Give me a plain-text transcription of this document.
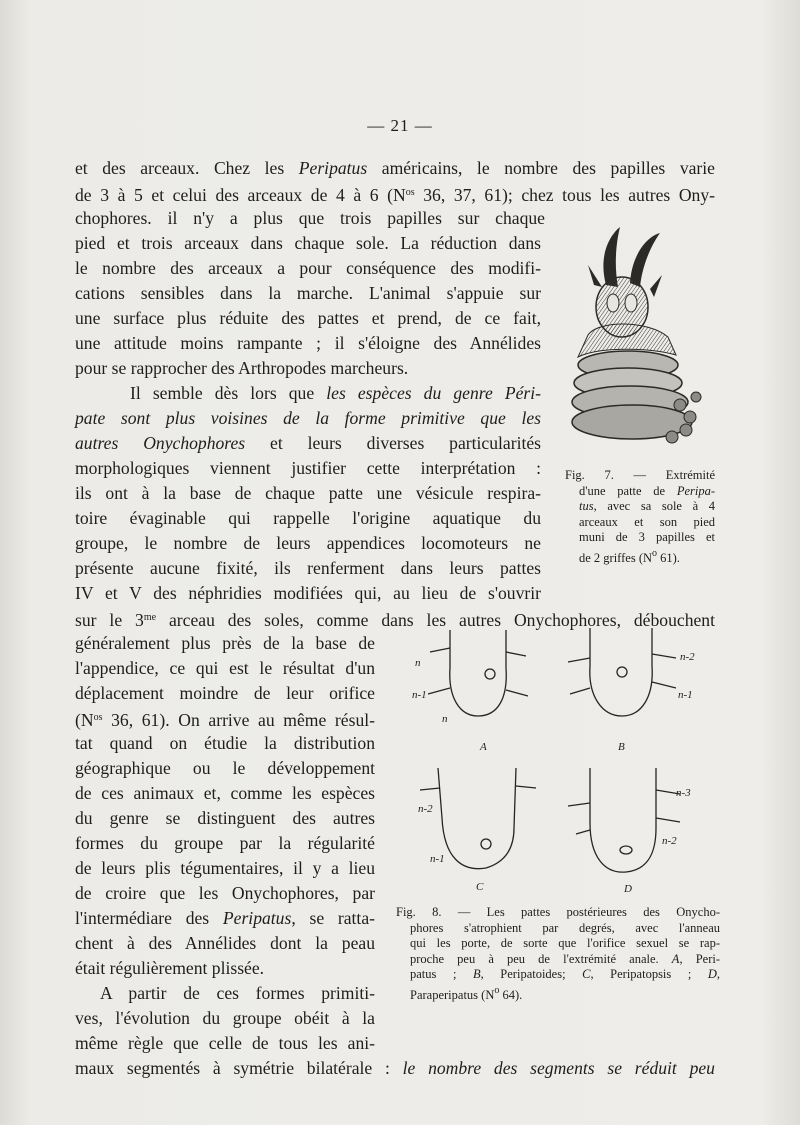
— 21 —
et des arceaux. Chez les Peripatus américains, le nombre des papilles varie
de 3 à 5 et celui des arceaux de 4 à 6 ($N^{os}$ 36, 37, 61); chez tous les autres Ony-
chophores. il n'y a plus que trois papilles sur chaque
pied et trois arceaux dans chaque sole. La réduction dans
le nombre des arceaux a pour conséquence des modifi-
cations sensibles dans la marche. L'animal s'appuie sur
une surface plus réduite des pattes et prend, de ce fait,
une attitude moins rampante ; il s'éloigne des Annélides
pour se rapprocher des Arthropodes marcheurs.
Il semble dès lors que les espèces du genre Péri-
pate sont plus voisines de la forme primitive que les
autres Onychophores et leurs diverses particularités
morphologiques viennent justifier cette interprétation :
ils ont à la base de chaque patte une vésicule respira-
toire évaginable qui rappelle l'origine aquatique du
groupe, le nombre de leurs appendices locomoteurs ne
présente aucune fixité, ils renferment dans leurs pattes
IV et V des néphridies modifiées qui, au lieu de s'ouvrir
sur le $3^{me}$ arceau des soles, comme dans les autres Onychophores, débouchent
généralement plus près de la base de
l'appendice, ce qui est le résultat d'un
déplacement moindre de leur orifice
($N^{os}$ 36, 61). On arrive au même résul-
tat quand on étudie la distribution
géographique ou le développement
de ces animaux et, comme les espèces
du genre se distinguent des autres
formes du groupe par la régularité
de leurs plis tégumentaires, il y a lieu
de croire que les Onychophores, par
l'intermédiare des Peripatus, se ratta-
chent à des Annélides dont la peau
était régulièrement plissée.
A partir de ces formes primiti-
ves, l'évolution du groupe obéit à la
même règle que celle de tous les ani-
maux segmentés à symétrie bilatérale : le nombre des segments se réduit peu
Fig. 7. — Extrémité
d'une patte de Peripa-
tus, avec sa sole à 4
arceaux et son pied
muni de 3 papilles et
de 2 griffes ($N^o$ 61).
n
n-1
n
A
n-2
n-1
B
n-2
n-1
C
n-3
n-2
D
Fig. 8. — Les pattes postérieures des Onycho-
phores s'atrophient par degrés, avec l'anneau
qui les porte, de sorte que l'orifice sexuel se rap-
proche peu à peu de l'extrémité anale. A, Peri-
patus ; B, Peripatoides; C, Peripatopsis ; D,
Paraperipatus ($N^o$ 64).
